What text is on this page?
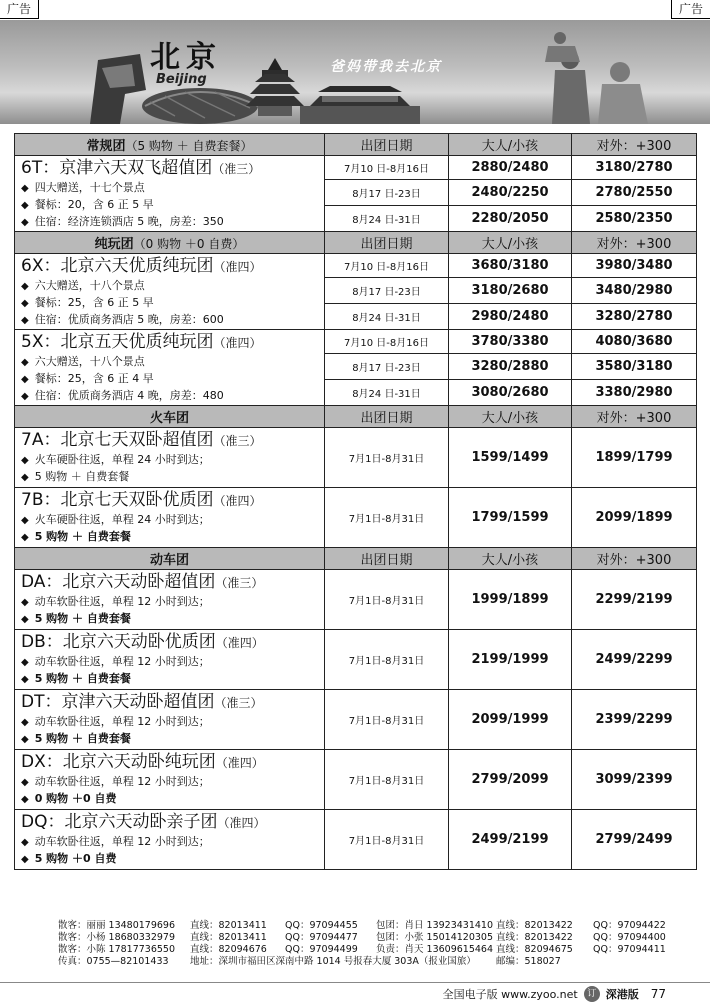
广告	广告
北京
Beijing
爸妈带我去北京
常规团（5 购物 ＋ 自费套餐）	出团日期	大人/小孩	对外：+300

6T：京津六天双飞超值团（准三）
◆ 四大赠送，十七个景点
◆ 餐标：20，含 6 正 5 早
◆ 住宿：经济连锁酒店 5 晚，房差：350	7月10 日-8月16日	2880/2480	3180/2780
	8月17 日-23日	2480/2250	2780/2550
	8月24 日-31日	2280/2050	2580/2350
纯玩团（0 购物 ＋0 自费）	出团日期	大人/小孩	对外：+300

6X：北京六天优质纯玩团（准四）
◆ 六大赠送，十八个景点
◆ 餐标：25，含 6 正 5 早
◆ 住宿：优质商务酒店 5 晚，房差：600	7月10 日-8月16日	3680/3180	3980/3480
	8月17 日-23日	3180/2680	3480/2980
	8月24 日-31日	2980/2480	3280/2780

5X：北京五天优质纯玩团（准四）
◆ 六大赠送，十八个景点
◆ 餐标：25，含 6 正 4 早
◆ 住宿：优质商务酒店 4 晚，房差：480	7月10 日-8月16日	3780/3380	4080/3680
	8月17 日-23日	3280/2880	3580/3180
	8月24 日-31日	3080/2680	3380/2980
火车团	出团日期	大人/小孩	对外：+300

7A：北京七天双卧超值团（准三）
◆ 火车硬卧往返，单程 24 小时到达；
◆ 5 购物 ＋ 自费套餐	7月1日-8月31日	1599/1499	1899/1799

7B：北京七天双卧优质团（准四）
◆ 火车硬卧往返，单程 24 小时到达；
◆ 5 购物 ＋ 自费套餐	7月1日-8月31日	1799/1599	2099/1899
动车团	出团日期	大人/小孩	对外：+300

DA：北京六天动卧超值团（准三）
◆ 动车软卧往返，单程 12 小时到达；
◆ 5 购物 ＋ 自费套餐	7月1日-8月31日	1999/1899	2299/2199

DB：北京六天动卧优质团（准四）
◆ 动车软卧往返，单程 12 小时到达；
◆ 5 购物 ＋ 自费套餐	7月1日-8月31日	2199/1999	2499/2299

DT：京津六天动卧超值团（准三）
◆ 动车软卧往返，单程 12 小时到达；
◆ 5 购物 ＋ 自费套餐	7月1日-8月31日	2099/1999	2399/2299

DX：北京六天动卧纯玩团（准四）
◆ 动车软卧往返，单程 12 小时到达；
◆ 0 购物 ＋0 自费	7月1日-8月31日	2799/2099	3099/2399

DQ：北京六天动卧亲子团（准四）
◆ 动车软卧往返，单程 12 小时到达；
◆ 5 购物 ＋0 自费	7月1日-8月31日	2499/2199	2799/2499
散客：丽丽 13480179696	直线：82013411	QQ：97094455	包团：肖日 13923431410 直线：82013422	QQ：97094422
散客：小杨 18680332979	直线：82013411	QQ：97094477	包团：小张 15014120305 直线：82013422	QQ：97094400
散客：小陈 17817736550	直线：82094676	QQ：97094499	负责：肖天 13609615464 直线：82094675	QQ：97094411
传真：0755—82101433	地址：深圳市福田区深南中路 1014 号报春大厦 303A（报业国旅）	邮编：518027
全国电子版 www.zyoo.net	订 深港版 77
